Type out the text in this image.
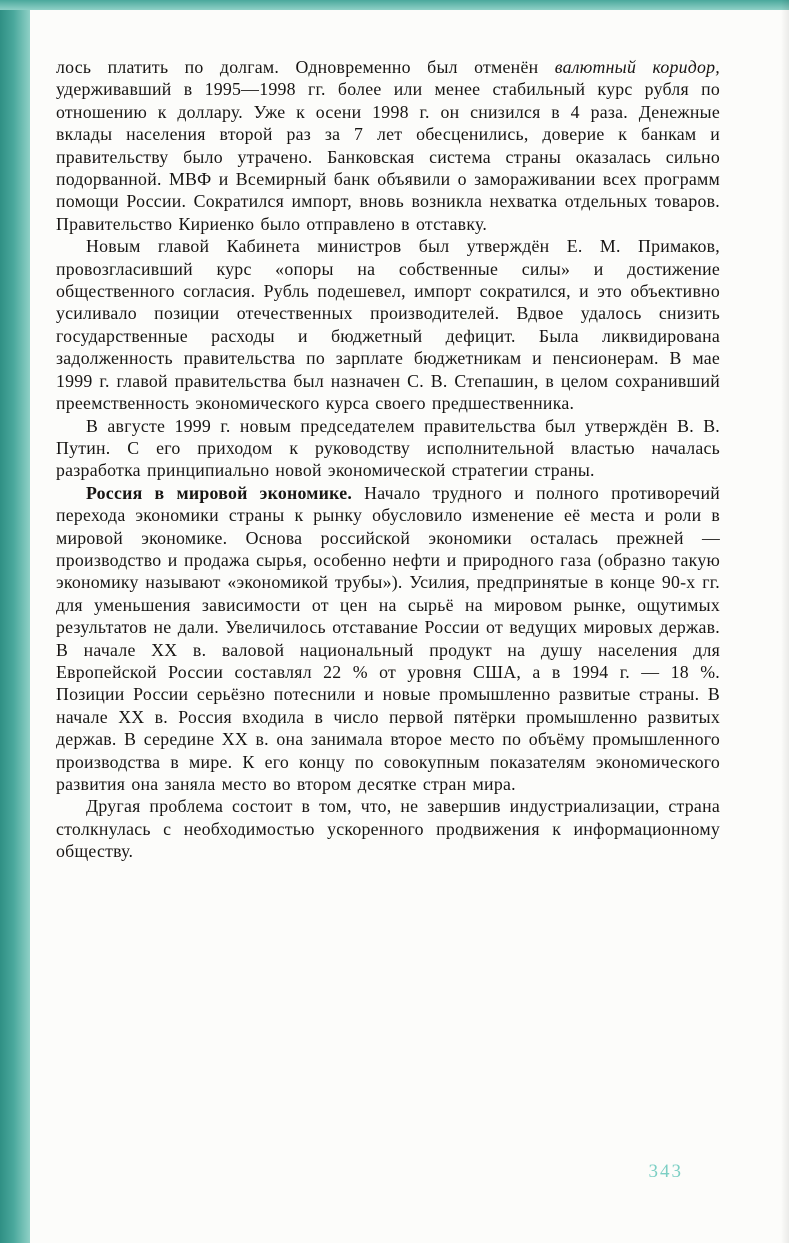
лось платить по долгам. Одновременно был отменён валютный коридор, удерживавший в 1995—1998 гг. более или менее стабильный курс рубля по отношению к доллару. Уже к осени 1998 г. он снизился в 4 раза. Денежные вклады населения второй раз за 7 лет обесценились, доверие к банкам и правительству было утрачено. Банковская система страны оказалась сильно подорванной. МВФ и Всемирный банк объявили о замораживании всех программ помощи России. Сократился импорт, вновь возникла нехватка отдельных товаров. Правительство Кириенко было отправлено в отставку.

Новым главой Кабинета министров был утверждён Е. М. Примаков, провозгласивший курс «опоры на собственные силы» и достижение общественного согласия. Рубль подешевел, импорт сократился, и это объективно усиливало позиции отечественных производителей. Вдвое удалось снизить государственные расходы и бюджетный дефицит. Была ликвидирована задолженность правительства по зарплате бюджетникам и пенсионерам. В мае 1999 г. главой правительства был назначен С. В. Степашин, в целом сохранивший преемственность экономического курса своего предшественника.

В августе 1999 г. новым председателем правительства был утверждён В. В. Путин. С его приходом к руководству исполнительной властью началась разработка принципиально новой экономической стратегии страны.

Россия в мировой экономике. Начало трудного и полного противоречий перехода экономики страны к рынку обусловило изменение её места и роли в мировой экономике. Основа российской экономики осталась прежней — производство и продажа сырья, особенно нефти и природного газа (образно такую экономику называют «экономикой трубы»). Усилия, предпринятые в конце 90-х гг. для уменьшения зависимости от цен на сырьё на мировом рынке, ощутимых результатов не дали. Увеличилось отставание России от ведущих мировых держав. В начале XX в. валовой национальный продукт на душу населения для Европейской России составлял 22 % от уровня США, а в 1994 г. — 18 %. Позиции России серьёзно потеснили и новые промышленно развитые страны. В начале XX в. Россия входила в число первой пятёрки промышленно развитых держав. В середине XX в. она занимала второе место по объёму промышленного производства в мире. К его концу по совокупным показателям экономического развития она заняла место во втором десятке стран мира.

Другая проблема состоит в том, что, не завершив индустриализации, страна столкнулась с необходимостью ускоренного продвижения к информационному обществу.

343
